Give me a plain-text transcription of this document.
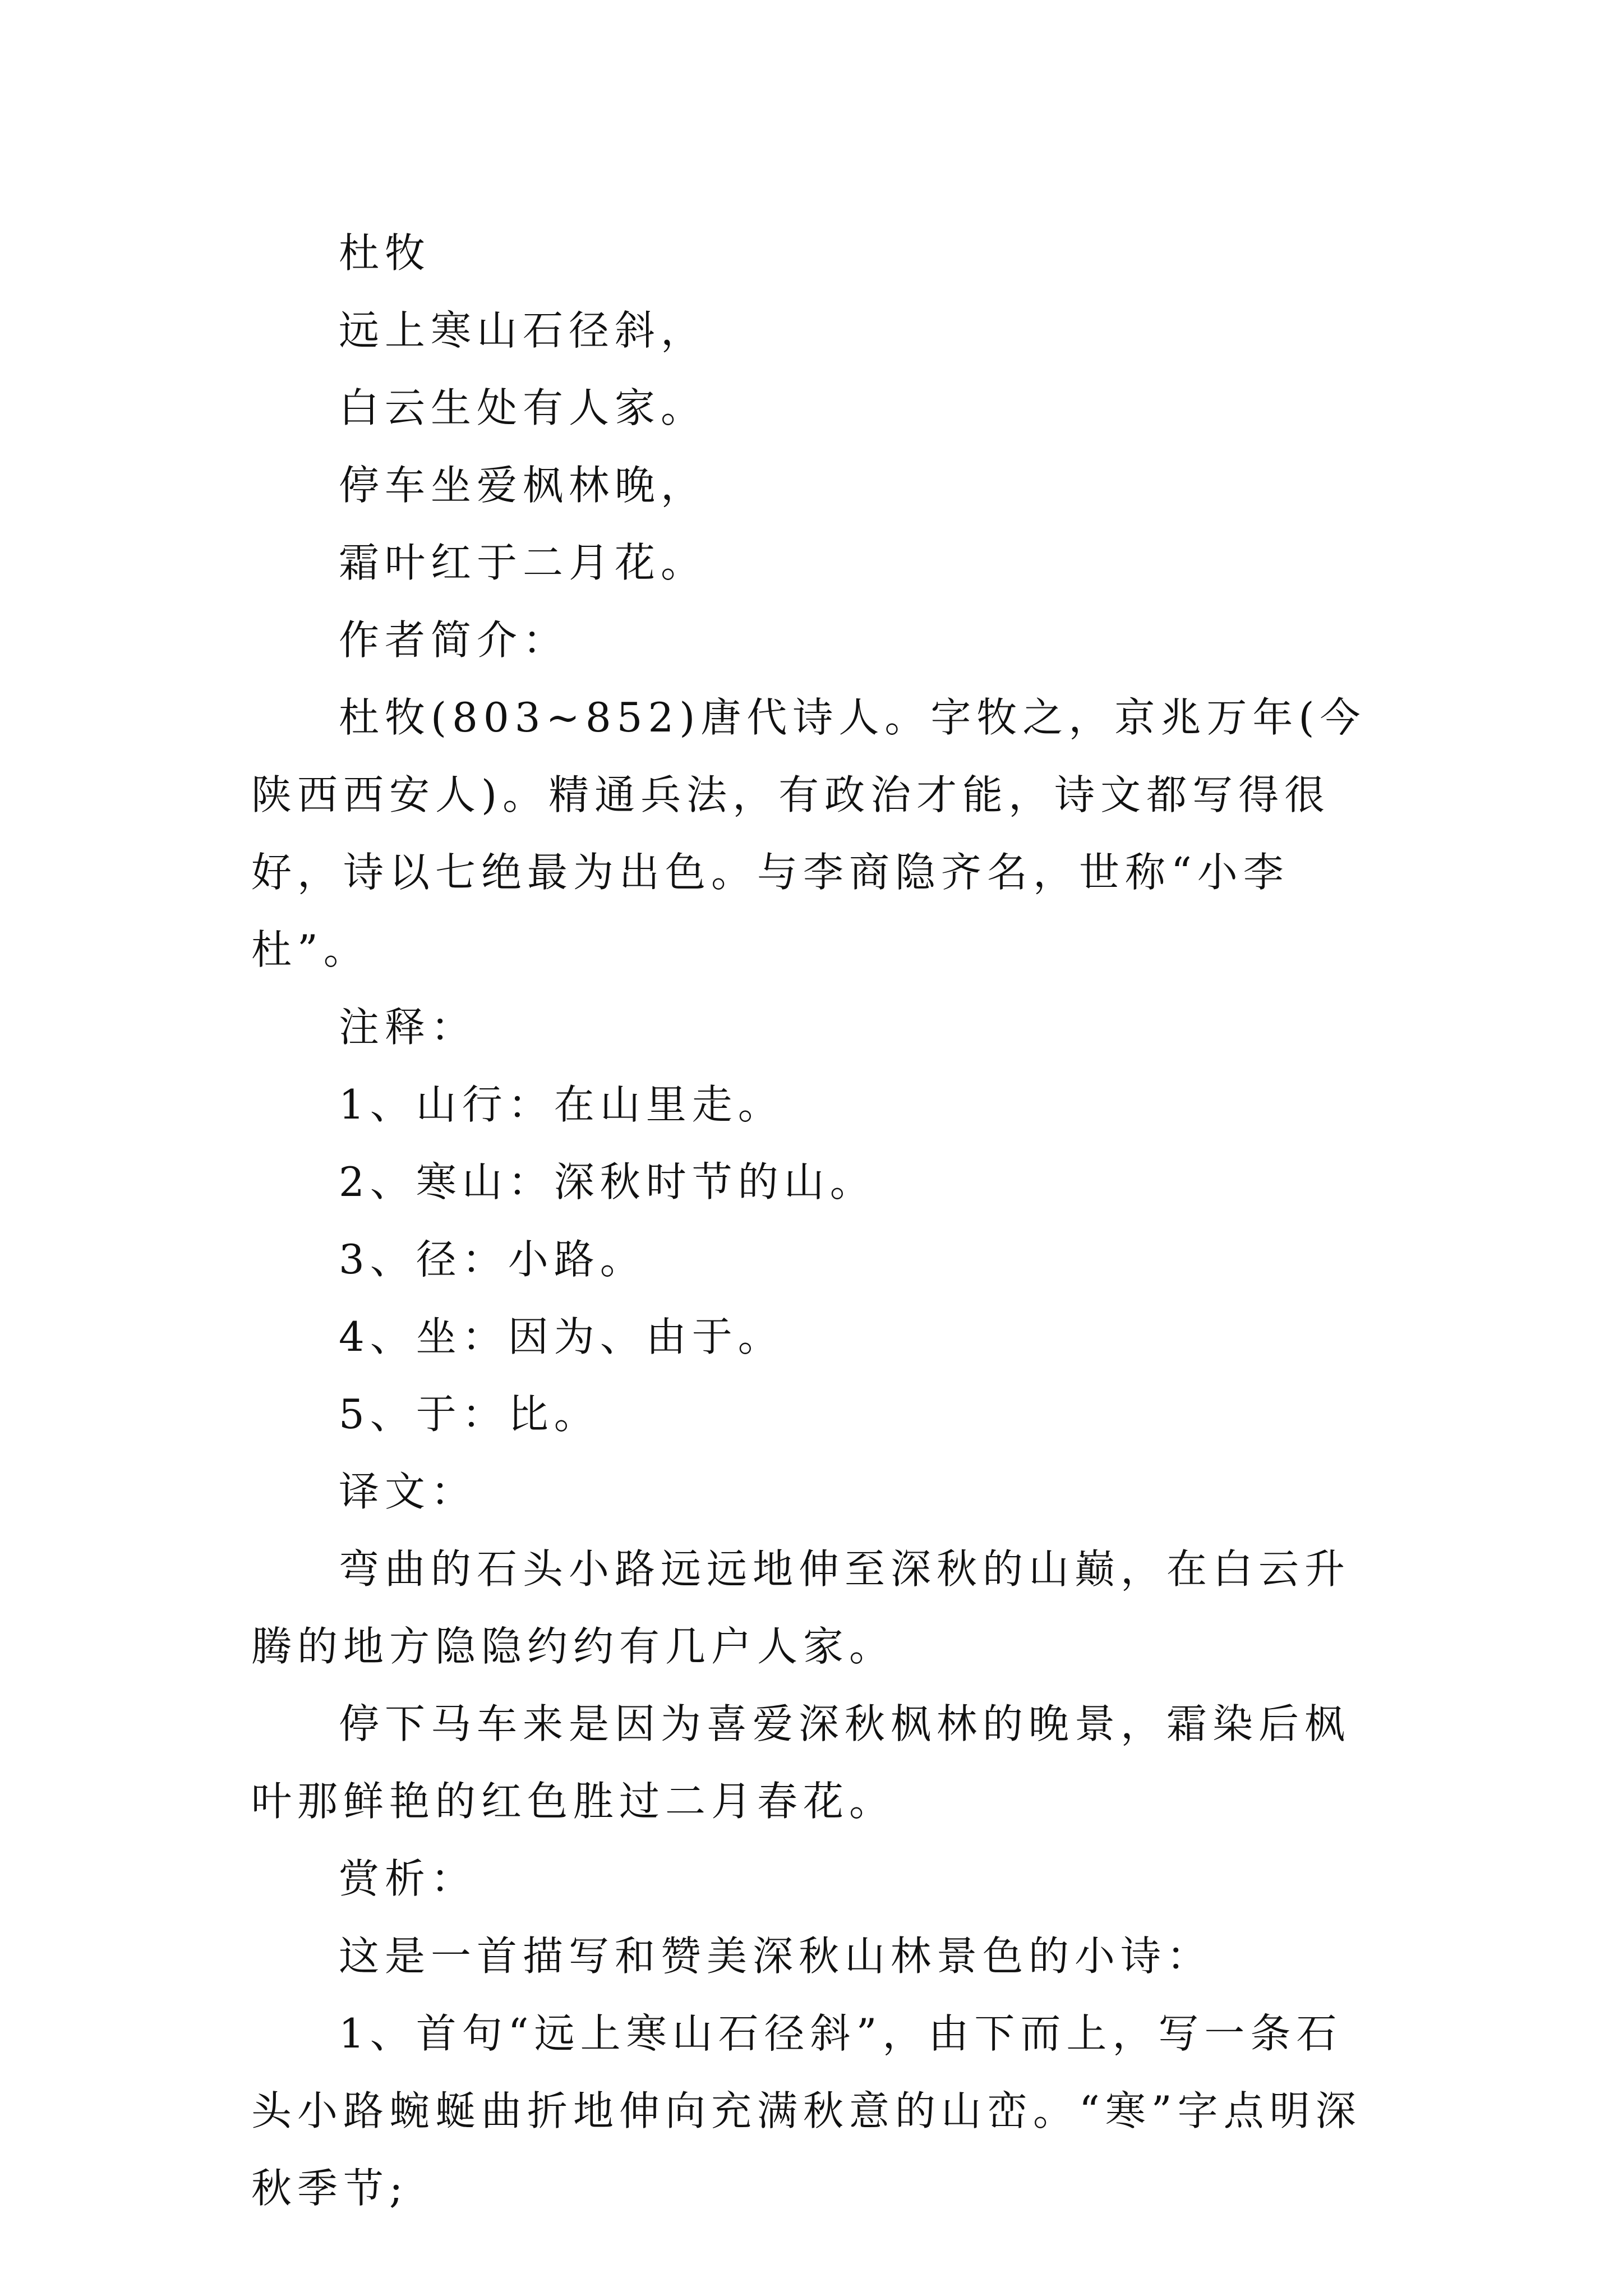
杜牧

远上寒山石径斜，

白云生处有人家。

停车坐爱枫林晚，

霜叶红于二月花。

作者简介：

杜牧(803~852)唐代诗人。字牧之，京兆万年(今陕西西安人)。精通兵法，有政治才能，诗文都写得很好，诗以七绝最为出色。与李商隐齐名，世称“小李杜”。

注释：

1、山行：在山里走。

2、寒山：深秋时节的山。

3、径：小路。

4、坐：因为、由于。

5、于：比。

译文：

弯曲的石头小路远远地伸至深秋的山巅，在白云升腾的地方隐隐约约有几户人家。

停下马车来是因为喜爱深秋枫林的晚景，霜染后枫叶那鲜艳的红色胜过二月春花。

赏析：

这是一首描写和赞美深秋山林景色的小诗：

1、首句“远上寒山石径斜”，由下而上，写一条石头小路蜿蜒曲折地伸向充满秋意的山峦。“寒”字点明深秋季节;
